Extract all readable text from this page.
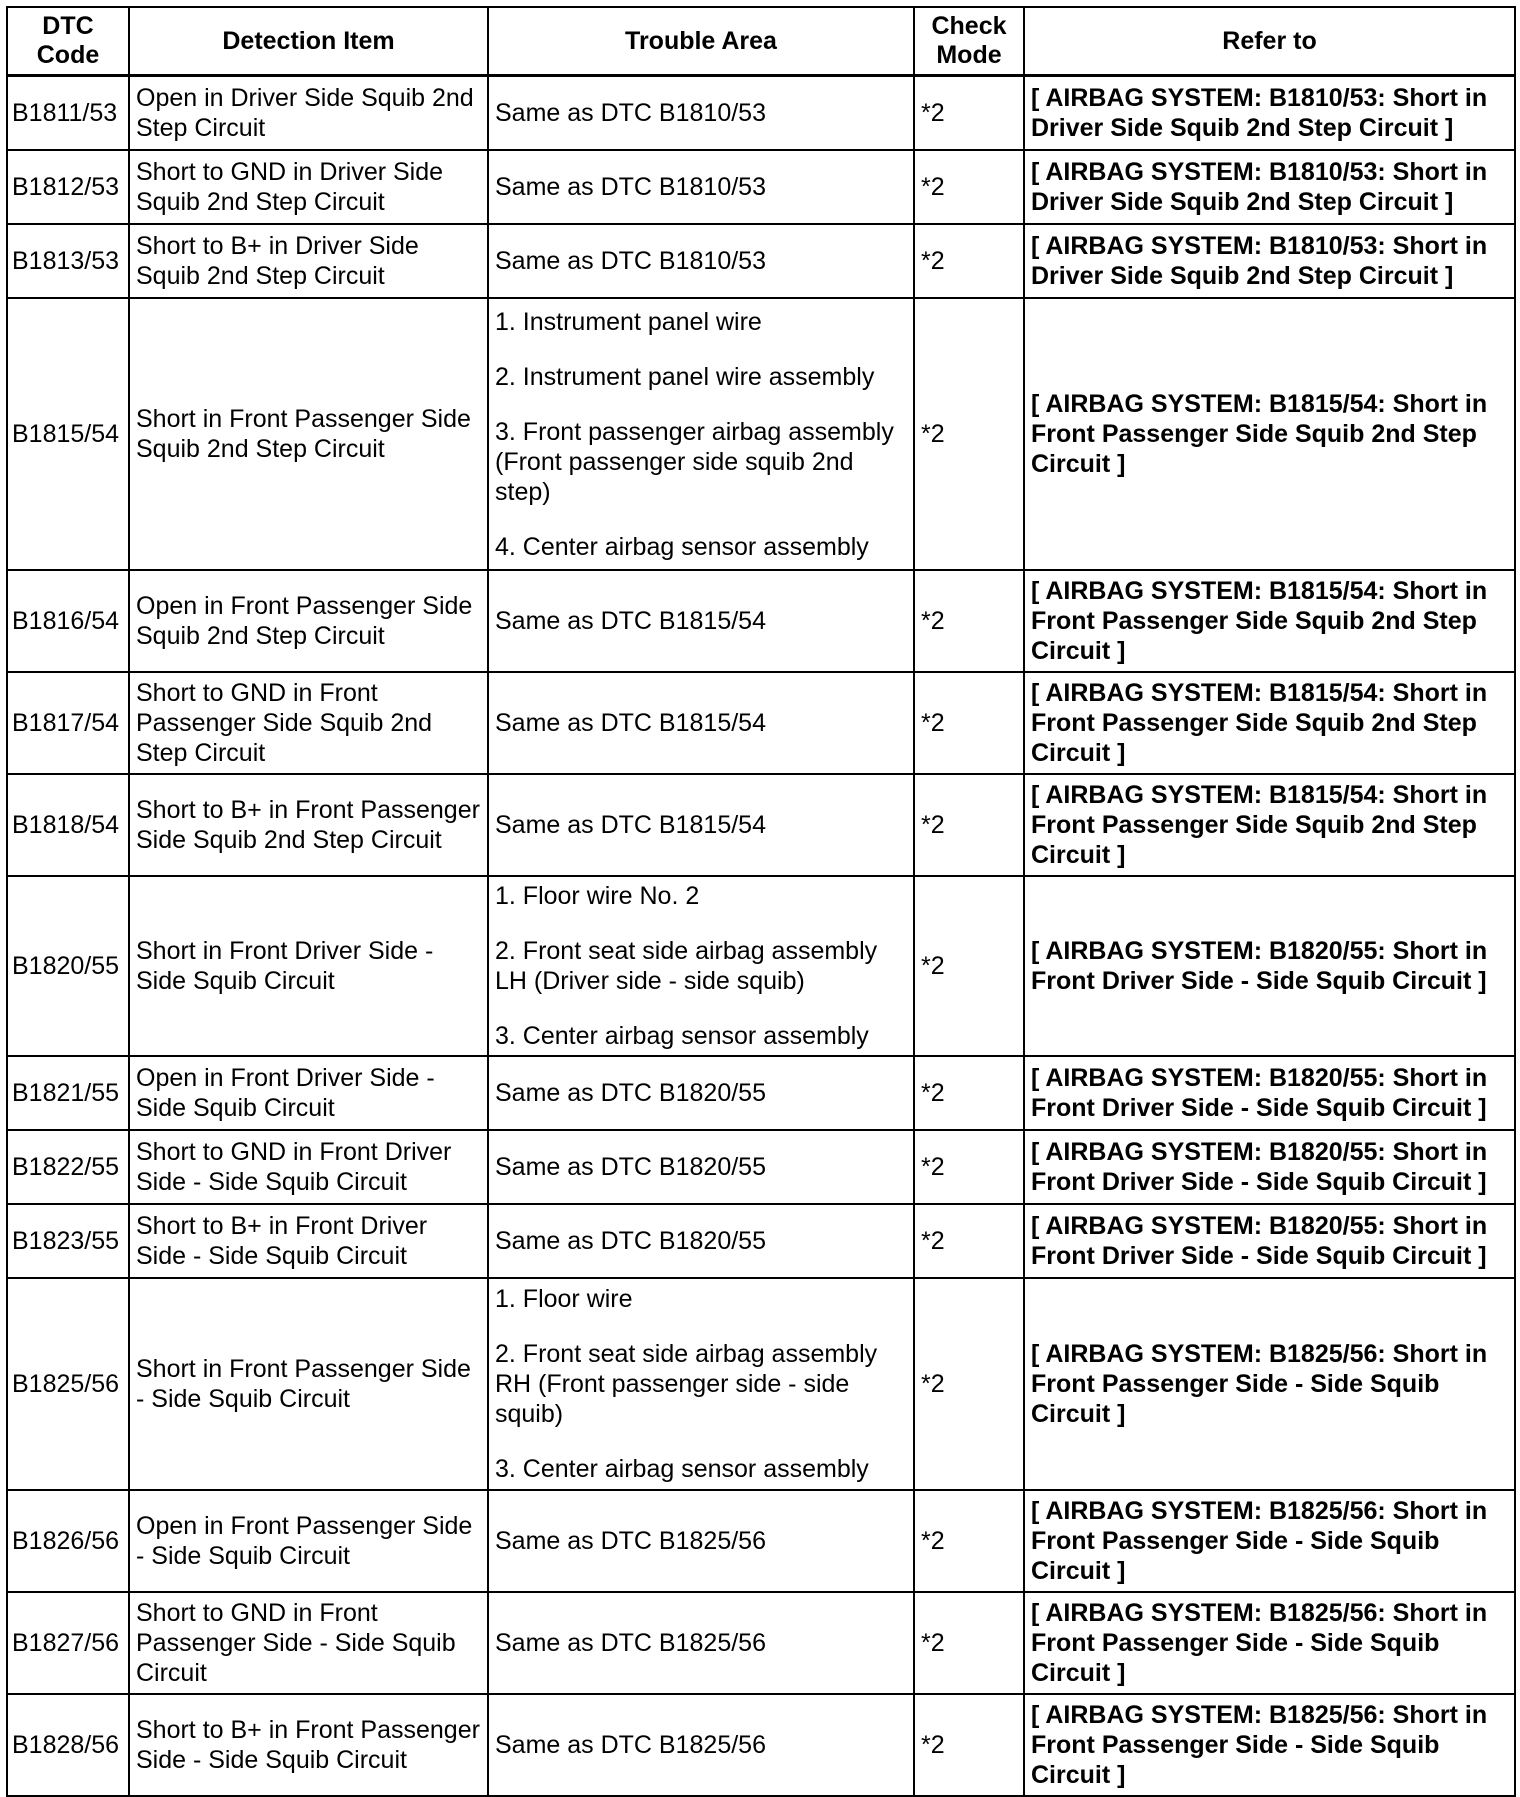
DTC Code	Detection Item	Trouble Area	Check Mode	Refer to
B1811/53	Open in Driver Side Squib 2nd Step Circuit	Same as DTC B1810/53	*2	[ AIRBAG SYSTEM: B1810/53: Short in Driver Side Squib 2nd Step Circuit ]
B1812/53	Short to GND in Driver Side Squib 2nd Step Circuit	Same as DTC B1810/53	*2	[ AIRBAG SYSTEM: B1810/53: Short in Driver Side Squib 2nd Step Circuit ]
B1813/53	Short to B+ in Driver Side Squib 2nd Step Circuit	Same as DTC B1810/53	*2	[ AIRBAG SYSTEM: B1810/53: Short in Driver Side Squib 2nd Step Circuit ]
B1815/54	Short in Front Passenger Side Squib 2nd Step Circuit	1. Instrument panel wire

2. Instrument panel wire assembly

3. Front passenger airbag assembly (Front passenger side squib 2nd step)

4. Center airbag sensor assembly	*2	[ AIRBAG SYSTEM: B1815/54: Short in Front Passenger Side Squib 2nd Step Circuit ]
B1816/54	Open in Front Passenger Side Squib 2nd Step Circuit	Same as DTC B1815/54	*2	[ AIRBAG SYSTEM: B1815/54: Short in Front Passenger Side Squib 2nd Step Circuit ]
B1817/54	Short to GND in Front Passenger Side Squib 2nd Step Circuit	Same as DTC B1815/54	*2	[ AIRBAG SYSTEM: B1815/54: Short in Front Passenger Side Squib 2nd Step Circuit ]
B1818/54	Short to B+ in Front Passenger Side Squib 2nd Step Circuit	Same as DTC B1815/54	*2	[ AIRBAG SYSTEM: B1815/54: Short in Front Passenger Side Squib 2nd Step Circuit ]
B1820/55	Short in Front Driver Side - Side Squib Circuit	1. Floor wire No. 2

2. Front seat side airbag assembly LH (Driver side - side squib)

3. Center airbag sensor assembly	*2	[ AIRBAG SYSTEM: B1820/55: Short in Front Driver Side - Side Squib Circuit ]
B1821/55	Open in Front Driver Side - Side Squib Circuit	Same as DTC B1820/55	*2	[ AIRBAG SYSTEM: B1820/55: Short in Front Driver Side - Side Squib Circuit ]
B1822/55	Short to GND in Front Driver Side - Side Squib Circuit	Same as DTC B1820/55	*2	[ AIRBAG SYSTEM: B1820/55: Short in Front Driver Side - Side Squib Circuit ]
B1823/55	Short to B+ in Front Driver Side - Side Squib Circuit	Same as DTC B1820/55	*2	[ AIRBAG SYSTEM: B1820/55: Short in Front Driver Side - Side Squib Circuit ]
B1825/56	Short in Front Passenger Side - Side Squib Circuit	1. Floor wire

2. Front seat side airbag assembly RH (Front passenger side - side squib)

3. Center airbag sensor assembly	*2	[ AIRBAG SYSTEM: B1825/56: Short in Front Passenger Side - Side Squib Circuit ]
B1826/56	Open in Front Passenger Side - Side Squib Circuit	Same as DTC B1825/56	*2	[ AIRBAG SYSTEM: B1825/56: Short in Front Passenger Side - Side Squib Circuit ]
B1827/56	Short to GND in Front Passenger Side - Side Squib Circuit	Same as DTC B1825/56	*2	[ AIRBAG SYSTEM: B1825/56: Short in Front Passenger Side - Side Squib Circuit ]
B1828/56	Short to B+ in Front Passenger Side - Side Squib Circuit	Same as DTC B1825/56	*2	[ AIRBAG SYSTEM: B1825/56: Short in Front Passenger Side - Side Squib Circuit ]
